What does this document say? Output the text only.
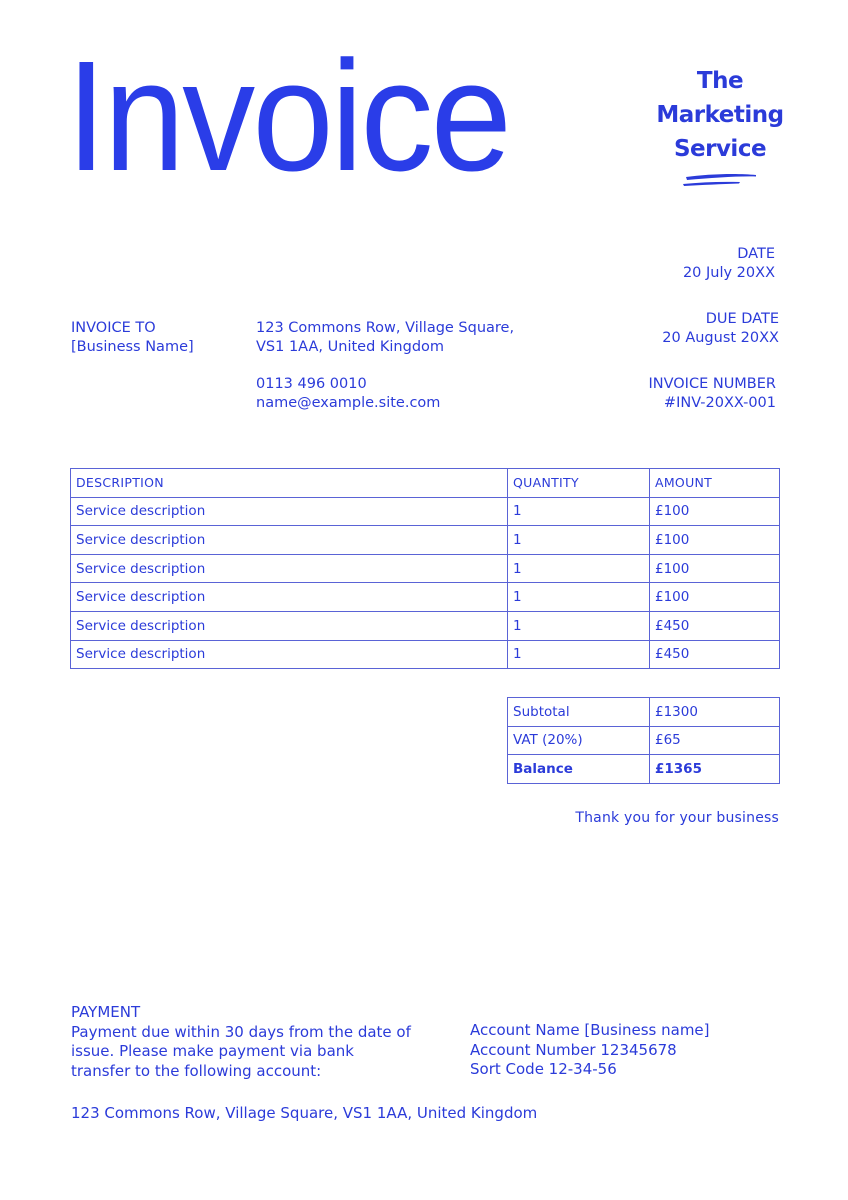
Invoice	The
Marketing
Service
DATE
20 July 20XX
DUE DATE
20 August 20XX
INVOICE NUMBER
#INV-20XX-001
INVOICE TO
[Business Name]
123 Commons Row, Village Square,
VS1 1AA, United Kingdom
0113 496 0010
name@example.site.com
DESCRIPTION	QUANTITY	AMOUNT
Service description	1	£100
Service description	1	£100
Service description	1	£100
Service description	1	£100
Service description	1	£450
Service description	1	£450
Subtotal	£1300
VAT (20%)	£65
Balance	£1365
Thank you for your business
PAYMENT
Payment due within 30 days from the date of
issue. Please make payment via bank
transfer to the following account:
Account Name [Business name]
Account Number 12345678
Sort Code 12-34-56
123 Commons Row, Village Square, VS1 1AA, United Kingdom
